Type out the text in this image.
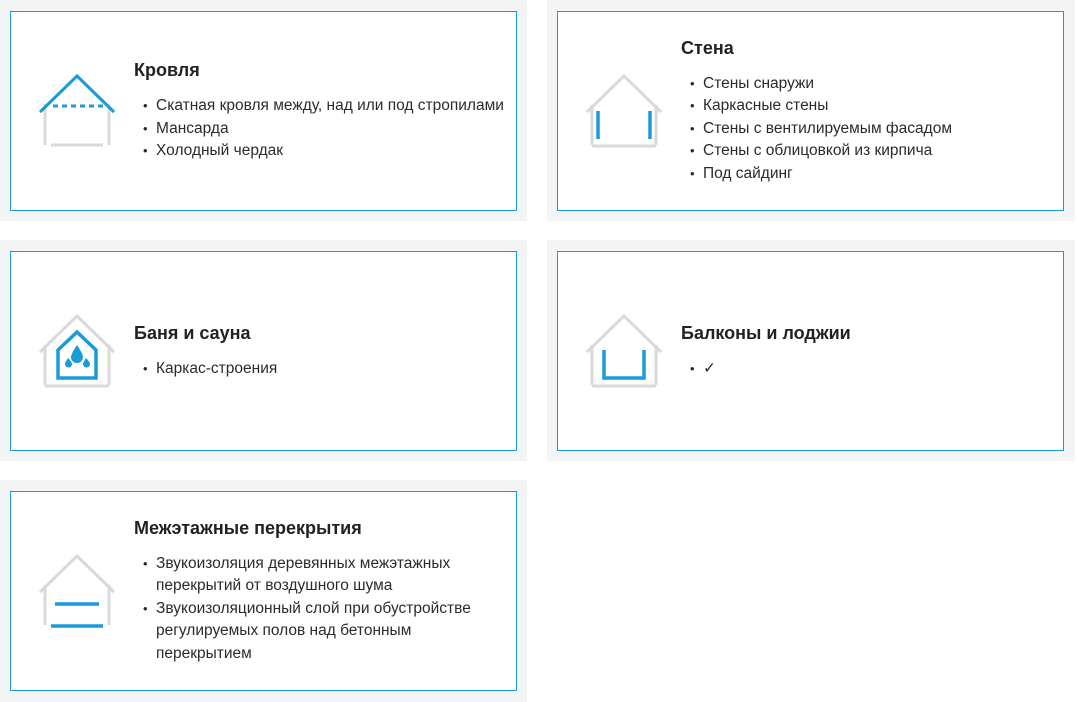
Кровля
• Скатная кровля между, над или под стропилами
• Мансарда
• Холодный чердак
Стена
• Стены снаружи
• Каркасные стены
• Стены с вентилируемым фасадом
• Стены с облицовкой из кирпича
• Под сайдинг
Баня и сауна
• Каркас-строения
Балконы и лоджии
• ✓
Межэтажные перекрытия
• Звукоизоляция деревянных межэтажных перекрытий от воздушного шума
• Звукоизоляционный слой при обустройстве регулируемых полов над бетонным перекрытием
